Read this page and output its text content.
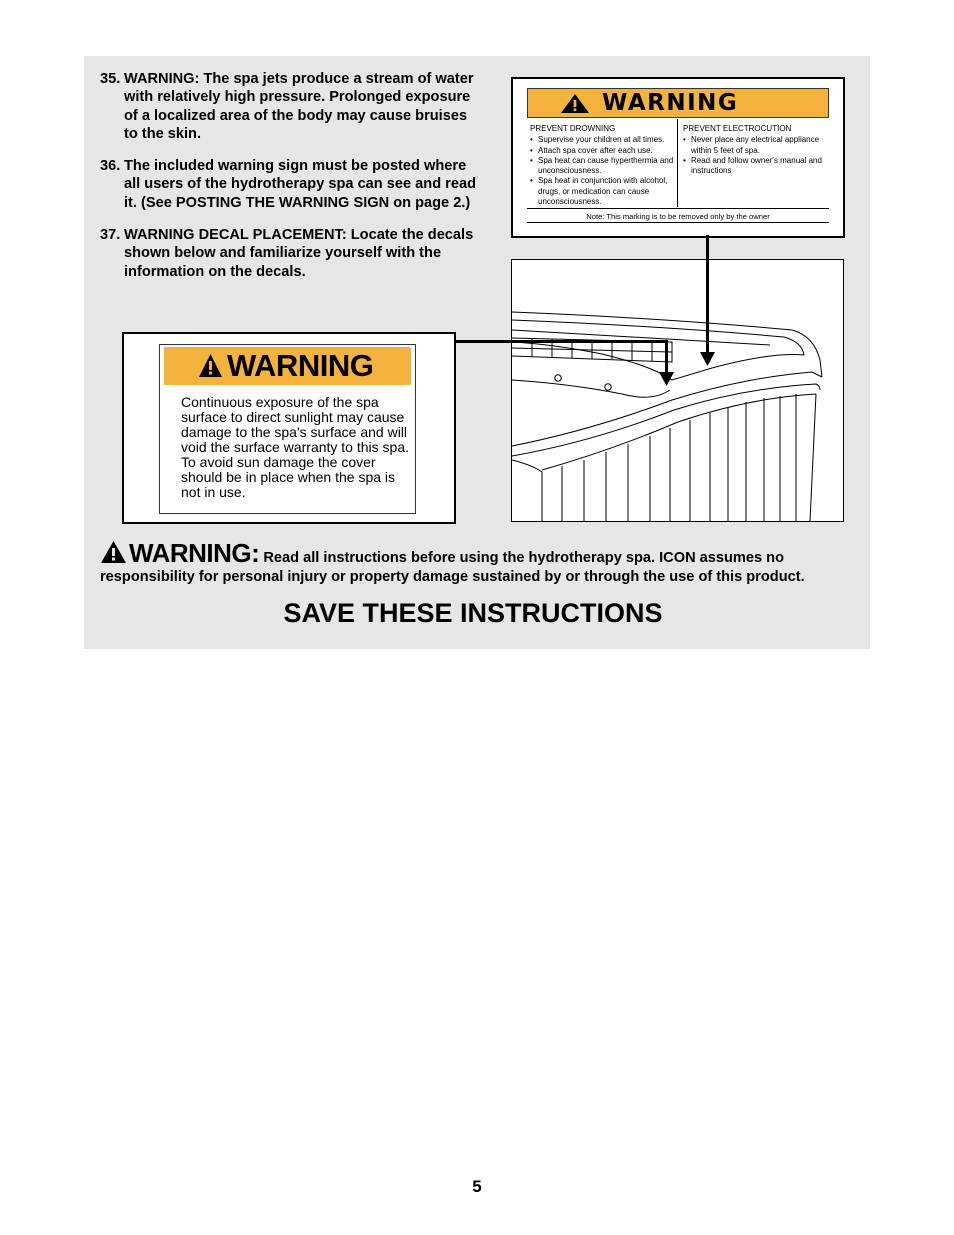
35. WARNING: The spa jets produce a stream of water with relatively high pressure. Prolonged exposure of a localized area of the body may cause bruises to the skin.
36. The included warning sign must be posted where all users of the hydrotherapy spa can see and read it. (See POSTING THE WARNING SIGN on page 2.)
37. WARNING DECAL PLACEMENT: Locate the decals shown below and familiarize yourself with the information on the decals.
WARNING
PREVENT DROWNING
• Supervise your children at all times.
• Attach spa cover after each use.
• Spa heat can cause hyperthermia and unconsciousness.
• Spa heat in conjunction with alcohol, drugs, or medication can cause unconsciousness.
PREVENT ELECTROCUTION
• Never place any electrical appliance within 5 feet of spa.
• Read and follow owner's manual and instructions
Note: This marking is to be removed only by the owner
WARNING
Continuous exposure of the spa surface to direct sunlight may cause damage to the spa's surface and will void the surface warranty to this spa. To avoid sun damage the cover should be in place when the spa is not in use.
WARNING: Read all instructions before using the hydrotherapy spa. ICON assumes no responsibility for personal injury or property damage sustained by or through the use of this product.
SAVE THESE INSTRUCTIONS
5
